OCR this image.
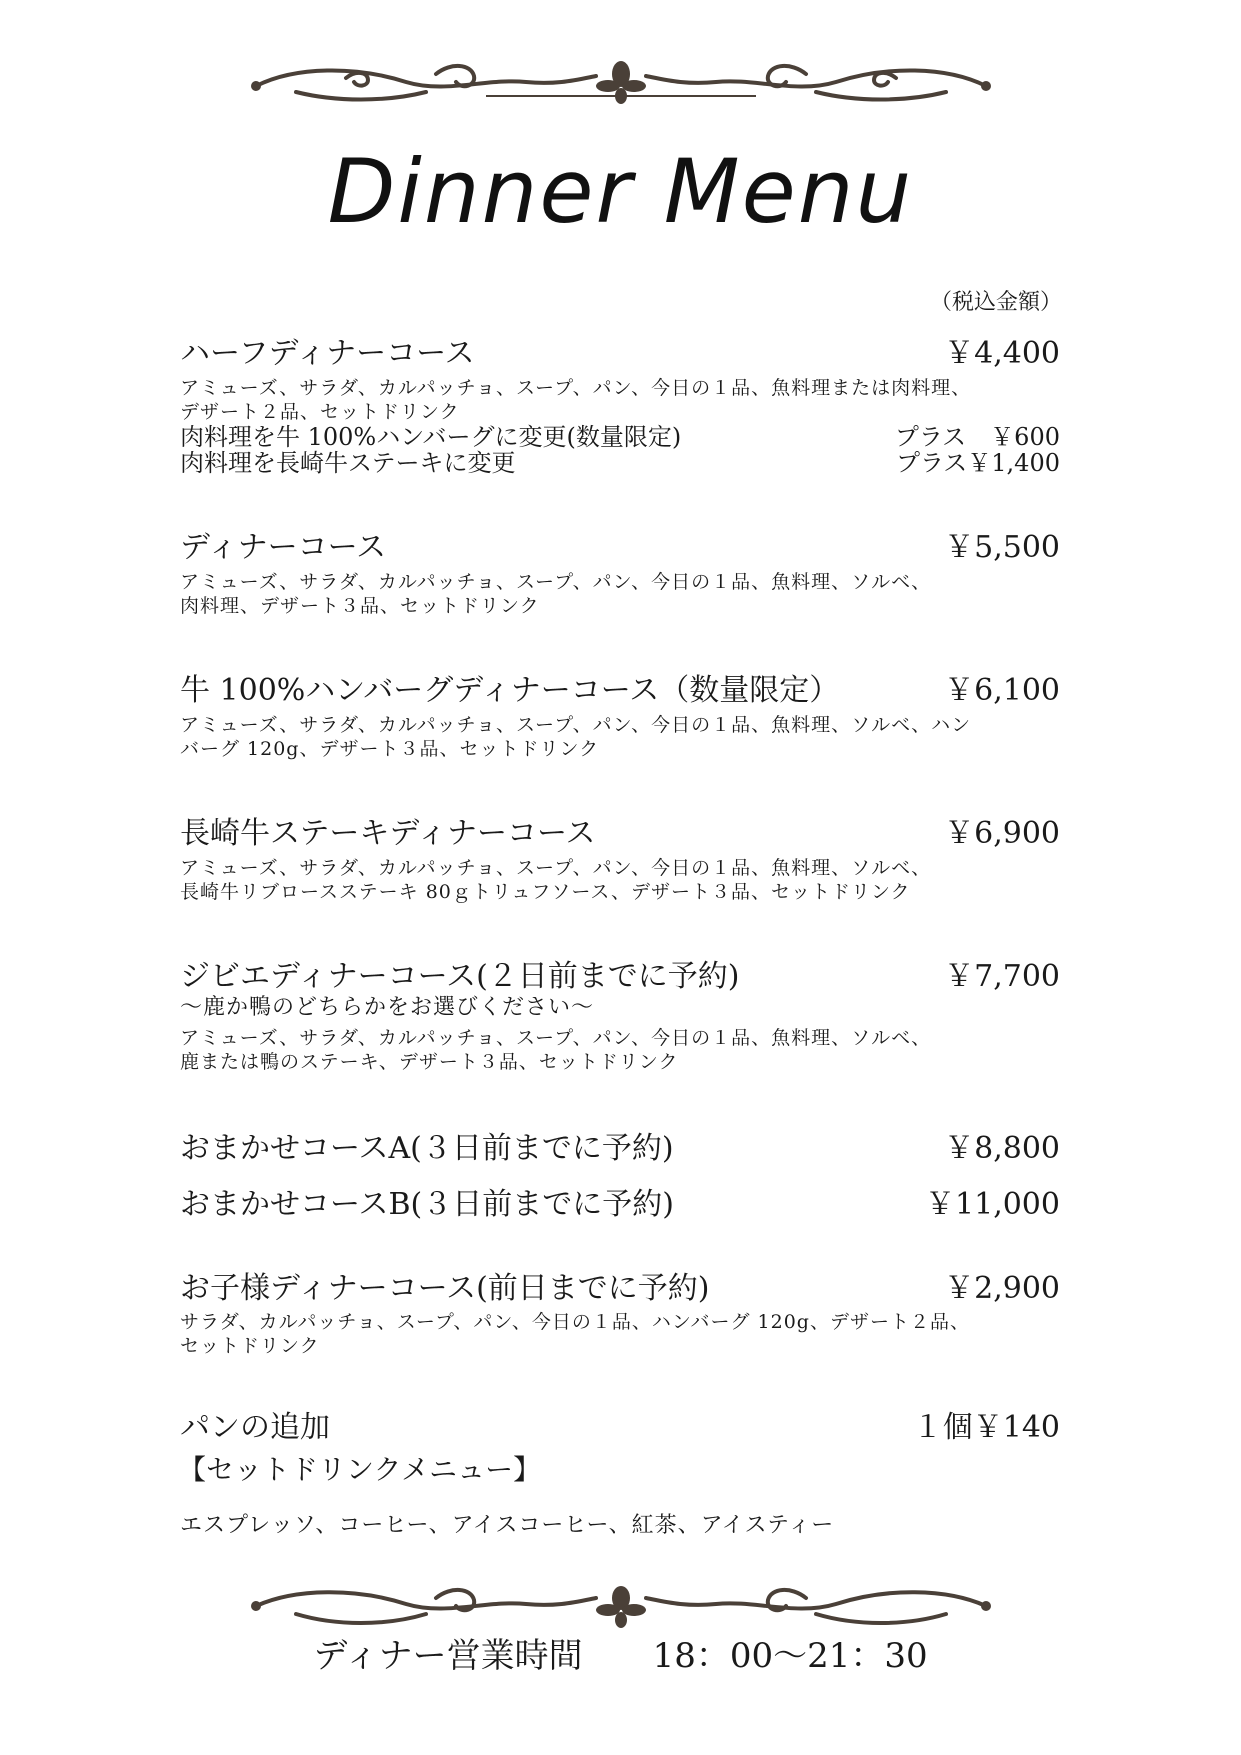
Dinner Menu
（税込金額）
ハーフディナーコース	￥4,400
アミューズ、サラダ、カルパッチョ、スープ、パン、今日の１品、魚料理または肉料理、
デザート２品、セットドリンク
肉料理を牛 100%ハンバーグに変更(数量限定)	プラス　￥600
肉料理を長崎牛ステーキに変更	プラス￥1,400
ディナーコース	￥5,500
アミューズ、サラダ、カルパッチョ、スープ、パン、今日の１品、魚料理、ソルベ、
肉料理、デザート３品、セットドリンク
牛 100%ハンバーグディナーコース（数量限定）	￥6,100
アミューズ、サラダ、カルパッチョ、スープ、パン、今日の１品、魚料理、ソルベ、ハン
バーグ 120g、デザート３品、セットドリンク
長崎牛ステーキディナーコース	￥6,900
アミューズ、サラダ、カルパッチョ、スープ、パン、今日の１品、魚料理、ソルベ、
長崎牛リブロースステーキ 80ｇトリュフソース、デザート３品、セットドリンク
ジビエディナーコース(２日前までに予約)	￥7,700
～鹿か鴨のどちらかをお選びください～
アミューズ、サラダ、カルパッチョ、スープ、パン、今日の１品、魚料理、ソルベ、
鹿または鴨のステーキ、デザート３品、セットドリンク
おまかせコースA(３日前までに予約)	￥8,800
おまかせコースB(３日前までに予約)	￥11,000
お子様ディナーコース(前日までに予約)	￥2,900
サラダ、カルパッチョ、スープ、パン、今日の１品、ハンバーグ 120g、デザート２品、
セットドリンク
パンの追加	１個￥140
【セットドリンクメニュー】
エスプレッソ、コーヒー、アイスコーヒー、紅茶、アイスティー
ディナー営業時間 18：00～21：30
